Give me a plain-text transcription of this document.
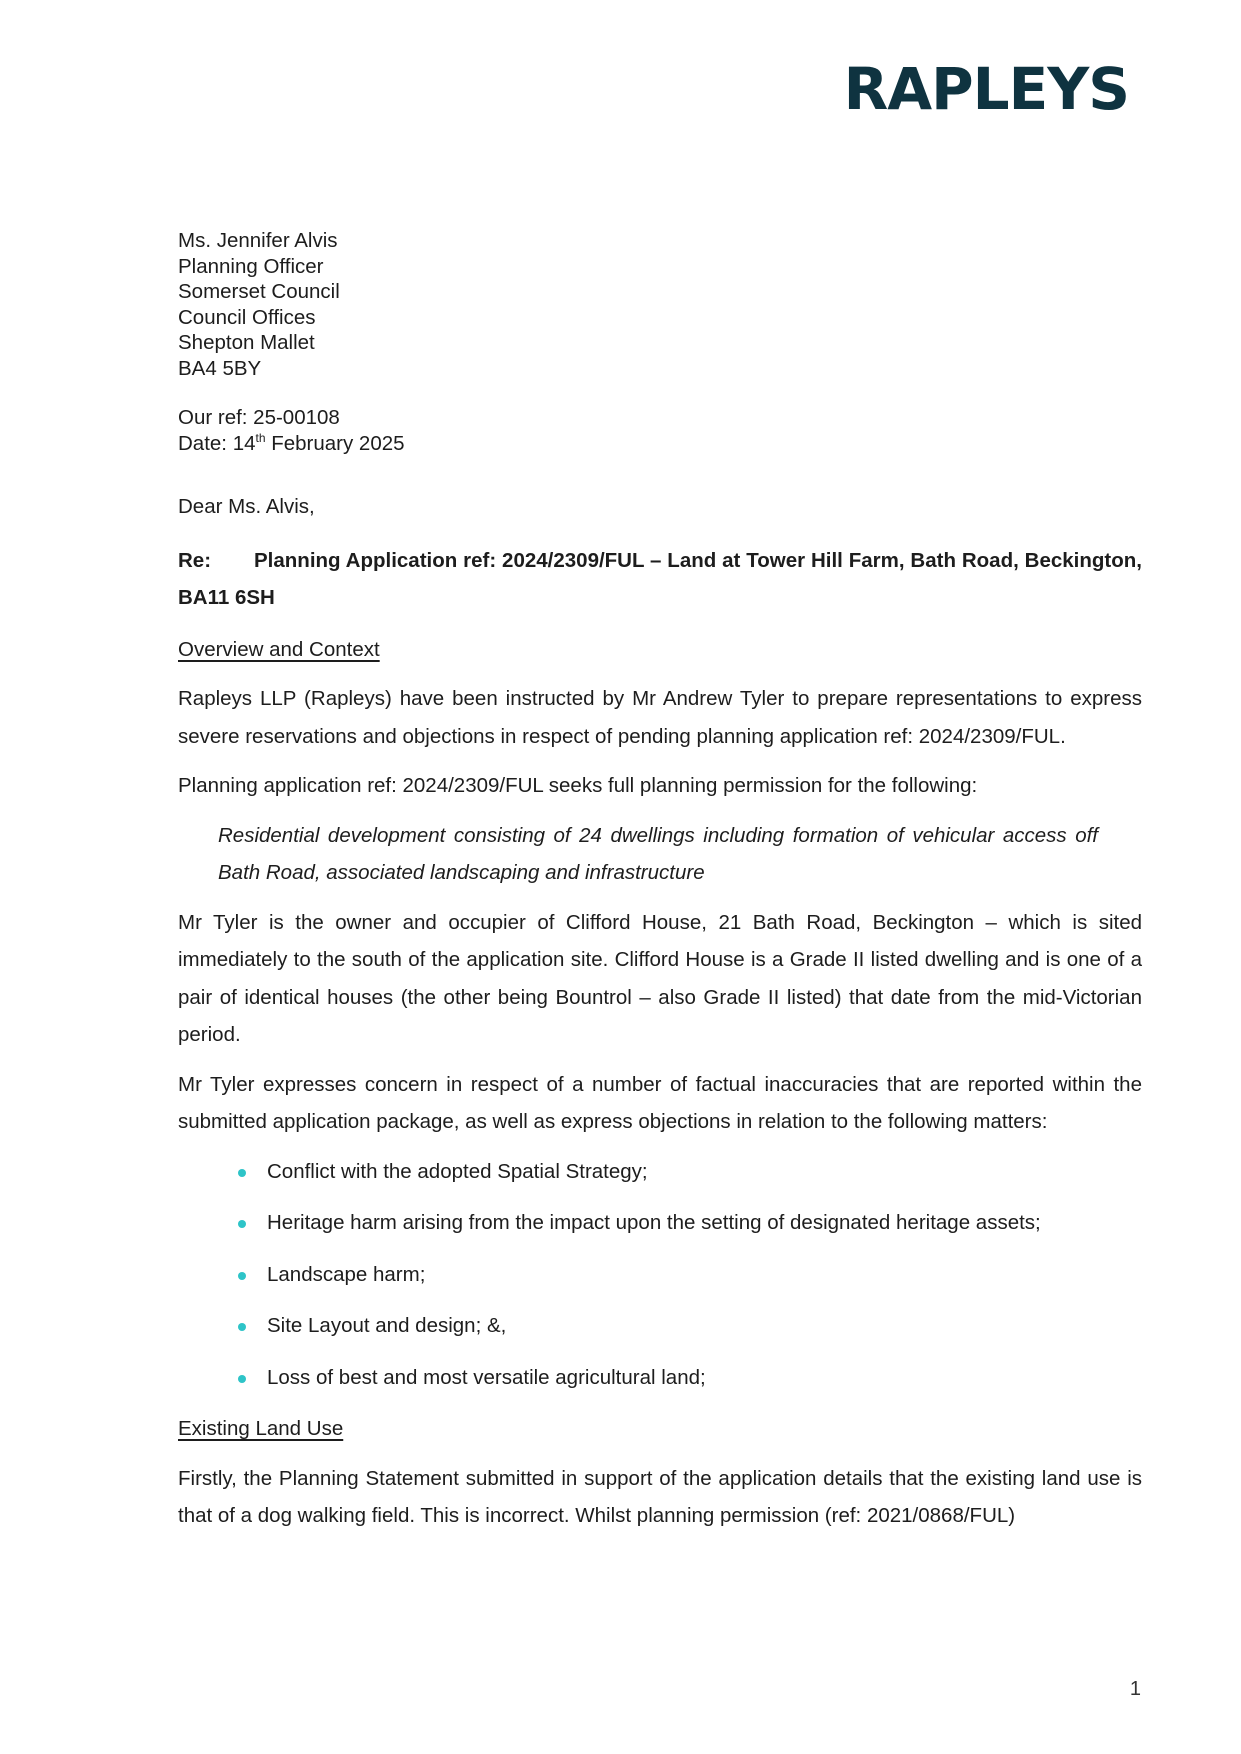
RAPLEYS
Ms. Jennifer Alvis
Planning Officer
Somerset Council
Council Offices
Shepton Mallet
BA4 5BY
Our ref: 25-00108
Date: 14th February 2025
Dear Ms. Alvis,
Re: Planning Application ref: 2024/2309/FUL – Land at Tower Hill Farm, Bath Road, Beckington, BA11 6SH
Overview and Context

Rapleys LLP (Rapleys) have been instructed by Mr Andrew Tyler to prepare representations to express severe reservations and objections in respect of pending planning application ref: 2024/2309/FUL.

Planning application ref: 2024/2309/FUL seeks full planning permission for the following:

Residential development consisting of 24 dwellings including formation of vehicular access off Bath Road, associated landscaping and infrastructure

Mr Tyler is the owner and occupier of Clifford House, 21 Bath Road, Beckington – which is sited immediately to the south of the application site. Clifford House is a Grade II listed dwelling and is one of a pair of identical houses (the other being Bountrol – also Grade II listed) that date from the mid-Victorian period.

Mr Tyler expresses concern in respect of a number of factual inaccuracies that are reported within the submitted application package, as well as express objections in relation to the following matters:

Conflict with the adopted Spatial Strategy;
Heritage harm arising from the impact upon the setting of designated heritage assets;
Landscape harm;
Site Layout and design; &,
Loss of best and most versatile agricultural land;
Existing Land Use

Firstly, the Planning Statement submitted in support of the application details that the existing land use is that of a dog walking field. This is incorrect. Whilst planning permission (ref: 2021/0868/FUL)

1
